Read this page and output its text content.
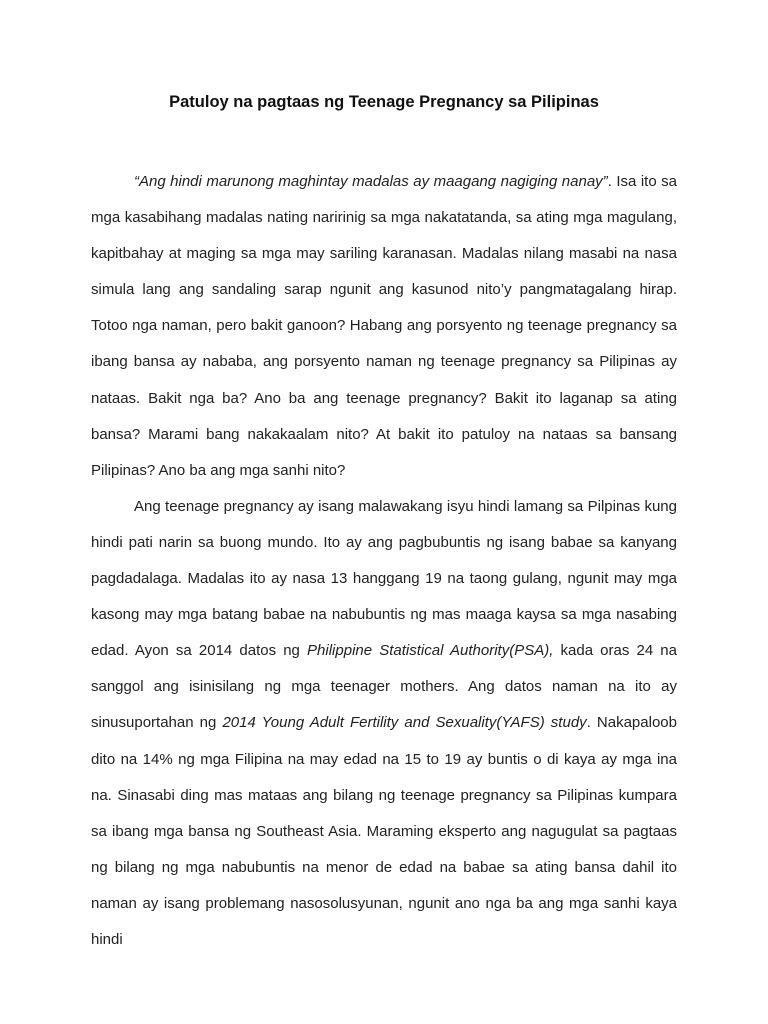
Patuloy na pagtaas ng Teenage Pregnancy sa Pilipinas

“Ang hindi marunong maghintay madalas ay maagang nagiging nanay”. Isa ito sa mga kasabihang madalas nating naririnig sa mga nakatatanda, sa ating mga magulang, kapitbahay at maging sa mga may sariling karanasan. Madalas nilang masabi na nasa simula lang ang sandaling sarap ngunit ang kasunod nito’y pangmatagalang hirap. Totoo nga naman, pero bakit ganoon? Habang ang porsyento ng teenage pregnancy sa ibang bansa ay nababa, ang porsyento naman ng teenage pregnancy sa Pilipinas ay nataas. Bakit nga ba? Ano ba ang teenage pregnancy? Bakit ito laganap sa ating bansa? Marami bang nakakaalam nito? At bakit ito patuloy na nataas sa bansang Pilipinas? Ano ba ang mga sanhi nito?

Ang teenage pregnancy ay isang malawakang isyu hindi lamang sa Pilpinas kung hindi pati narin sa buong mundo. Ito ay ang pagbubuntis ng isang babae sa kanyang pagdadalaga. Madalas ito ay nasa 13 hanggang 19 na taong gulang, ngunit may mga kasong may mga batang babae na nabubuntis ng mas maaga kaysa sa mga nasabing edad. Ayon sa 2014 datos ng Philippine Statistical Authority(PSA), kada oras 24 na sanggol ang isinisilang ng mga teenager mothers. Ang datos naman na ito ay sinusuportahan ng 2014 Young Adult Fertility and Sexuality(YAFS) study. Nakapaloob dito na 14% ng mga Filipina na may edad na 15 to 19 ay buntis o di kaya ay mga ina na. Sinasabi ding mas mataas ang bilang ng teenage pregnancy sa Pilipinas kumpara sa ibang mga bansa ng Southeast Asia. Maraming eksperto ang nagugulat sa pagtaas ng bilang ng mga nabubuntis na menor de edad na babae sa ating bansa dahil ito naman ay isang problemang nasosolusyunan, ngunit ano nga ba ang mga sanhi kaya hindi
